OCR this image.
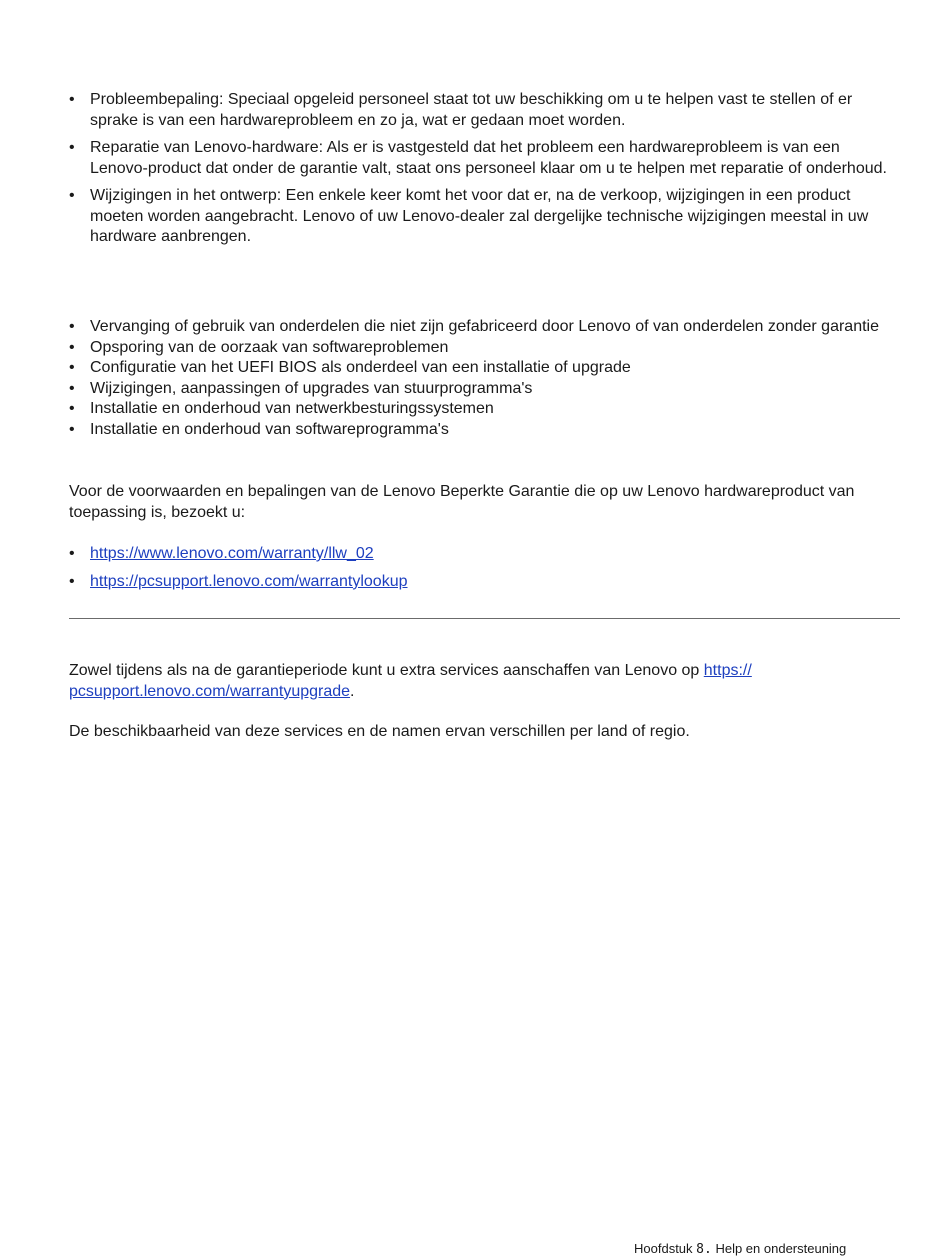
• Probleembepaling: Speciaal opgeleid personeel staat tot uw beschikking om u te helpen vast te stellen of er sprake is van een hardwareprobleem en zo ja, wat er gedaan moet worden.
• Reparatie van Lenovo-hardware: Als er is vastgesteld dat het probleem een hardwareprobleem is van een Lenovo-product dat onder de garantie valt, staat ons personeel klaar om u te helpen met reparatie of onderhoud.
• Wijzigingen in het ontwerp: Een enkele keer komt het voor dat er, na de verkoop, wijzigingen in een product moeten worden aangebracht. Lenovo of uw Lenovo-dealer zal dergelijke technische wijzigingen meestal in uw hardware aanbrengen.
• Vervanging of gebruik van onderdelen die niet zijn gefabriceerd door Lenovo of van onderdelen zonder garantie
• Opsporing van de oorzaak van softwareproblemen
• Configuratie van het UEFI BIOS als onderdeel van een installatie of upgrade
• Wijzigingen, aanpassingen of upgrades van stuurprogramma's
• Installatie en onderhoud van netwerkbesturingssystemen
• Installatie en onderhoud van softwareprogramma's

Voor de voorwaarden en bepalingen van de Lenovo Beperkte Garantie die op uw Lenovo hardwareproduct van toepassing is, bezoekt u:

• https://www.lenovo.com/warranty/llw_02
• https://pcsupport.lenovo.com/warrantylookup

Zowel tijdens als na de garantieperiode kunt u extra services aanschaffen van Lenovo op https://
pcsupport.lenovo.com/warrantyupgrade.

De beschikbaarheid van deze services en de namen ervan verschillen per land of regio.

Hoofdstuk 8. Help en ondersteuning
